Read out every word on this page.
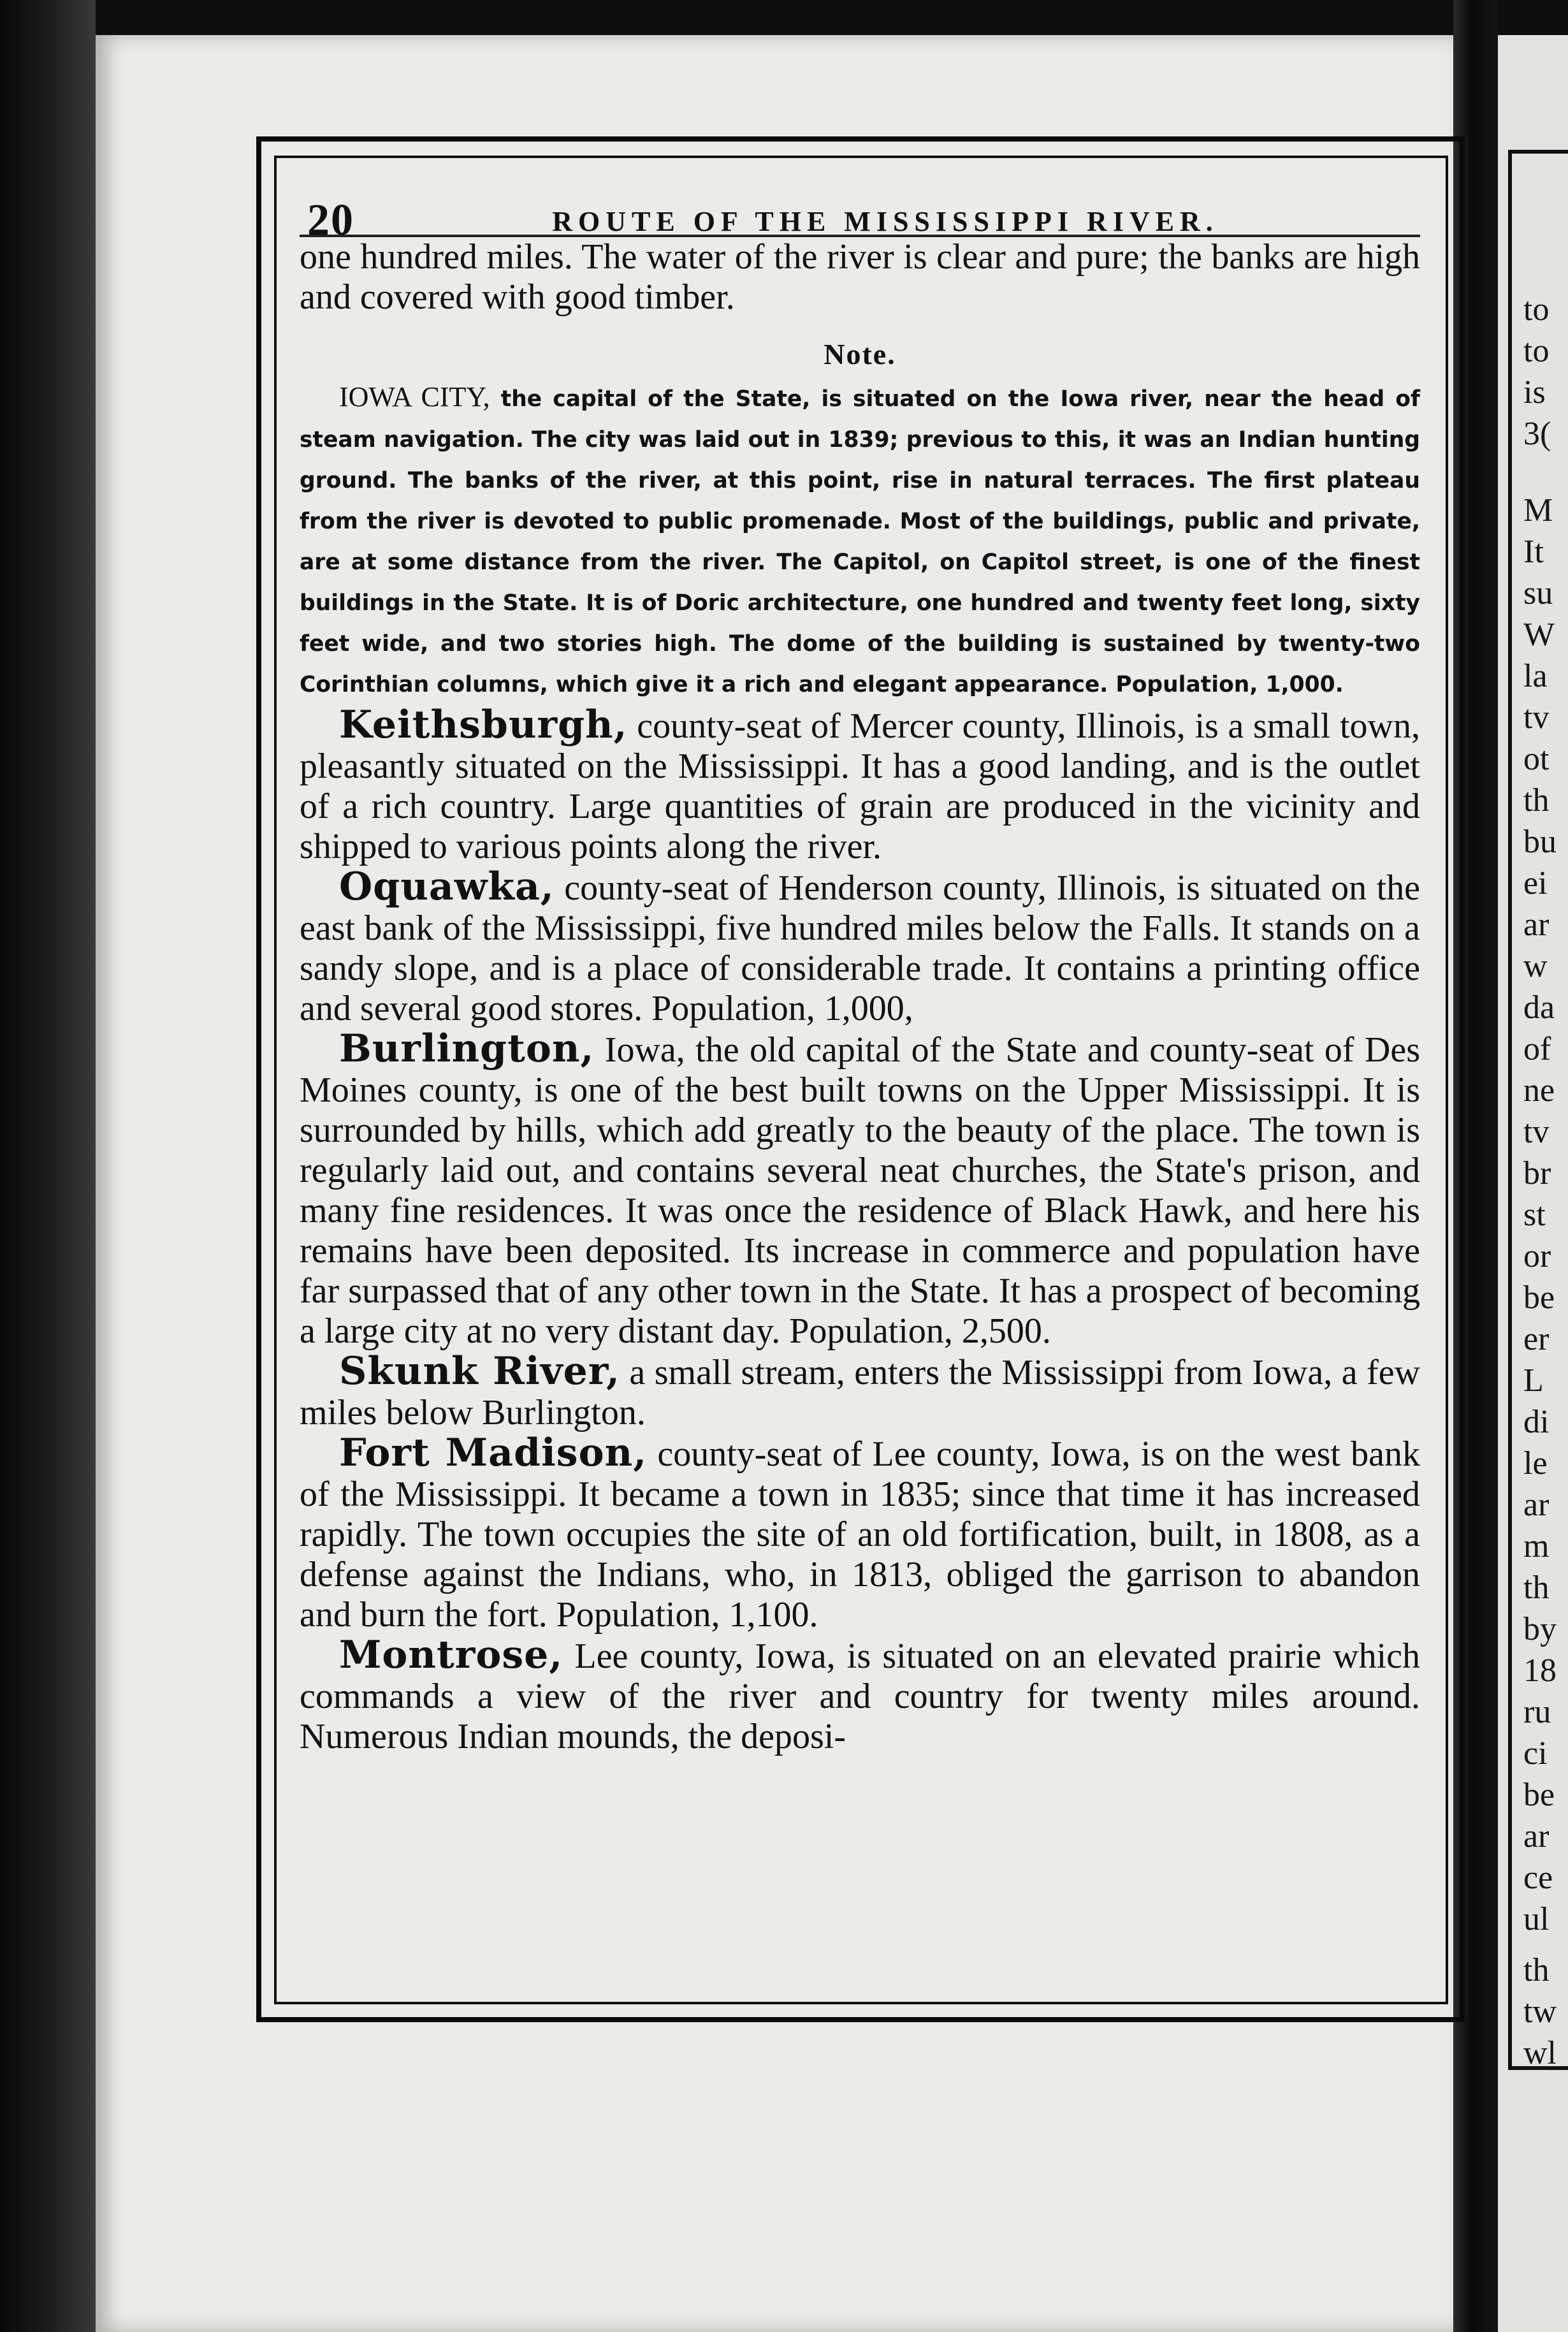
to
to
is
3(
M
It
su
W
la
tv
ot
th
bu
ei
ar
w
da
of
ne
tv
br
st
or
be
er
L
di
le
ar
m
th
by
18
ru
ci
be
ar
ce
ul
th
tw
wl
20	ROUTE OF THE MISSISSIPPI RIVER.

one hundred miles. The water of the river is clear and pure; the banks are high and covered with good timber.

Note.

IOWA CITY, the capital of the State, is situated on the Iowa river, near the head of steam navigation. The city was laid out in 1839; previous to this, it was an Indian hunting ground. The banks of the river, at this point, rise in natural terraces. The first plateau from the river is devoted to public promenade. Most of the buildings, public and private, are at some distance from the river. The Capitol, on Capitol street, is one of the finest buildings in the State. It is of Doric architecture, one hundred and twenty feet long, sixty feet wide, and two stories high. The dome of the building is sustained by twenty-two Corinthian columns, which give it a rich and elegant appearance. Population, 1,000.

Keithsburgh, county-seat of Mercer county, Illinois, is a small town, pleasantly situated on the Mississippi. It has a good landing, and is the outlet of a rich country. Large quantities of grain are produced in the vicinity and shipped to various points along the river.

Oquawka, county-seat of Henderson county, Illinois, is situated on the east bank of the Mississippi, five hundred miles below the Falls. It stands on a sandy slope, and is a place of considerable trade. It contains a printing office and several good stores. Population, 1,000,

Burlington, Iowa, the old capital of the State and county-seat of Des Moines county, is one of the best built towns on the Upper Mississippi. It is surrounded by hills, which add greatly to the beauty of the place. The town is regularly laid out, and contains several neat churches, the State's prison, and many fine residences. It was once the residence of Black Hawk, and here his remains have been deposited. Its increase in commerce and population have far surpassed that of any other town in the State. It has a prospect of becoming a large city at no very distant day. Population, 2,500.

Skunk River, a small stream, enters the Mississippi from Iowa, a few miles below Burlington.

Fort Madison, county-seat of Lee county, Iowa, is on the west bank of the Mississippi. It became a town in 1835; since that time it has increased rapidly. The town occupies the site of an old fortification, built, in 1808, as a defense against the Indians, who, in 1813, obliged the garrison to abandon and burn the fort. Population, 1,100.

Montrose, Lee county, Iowa, is situated on an elevated prairie which commands a view of the river and country for twenty miles around. Numerous Indian mounds, the deposi-
